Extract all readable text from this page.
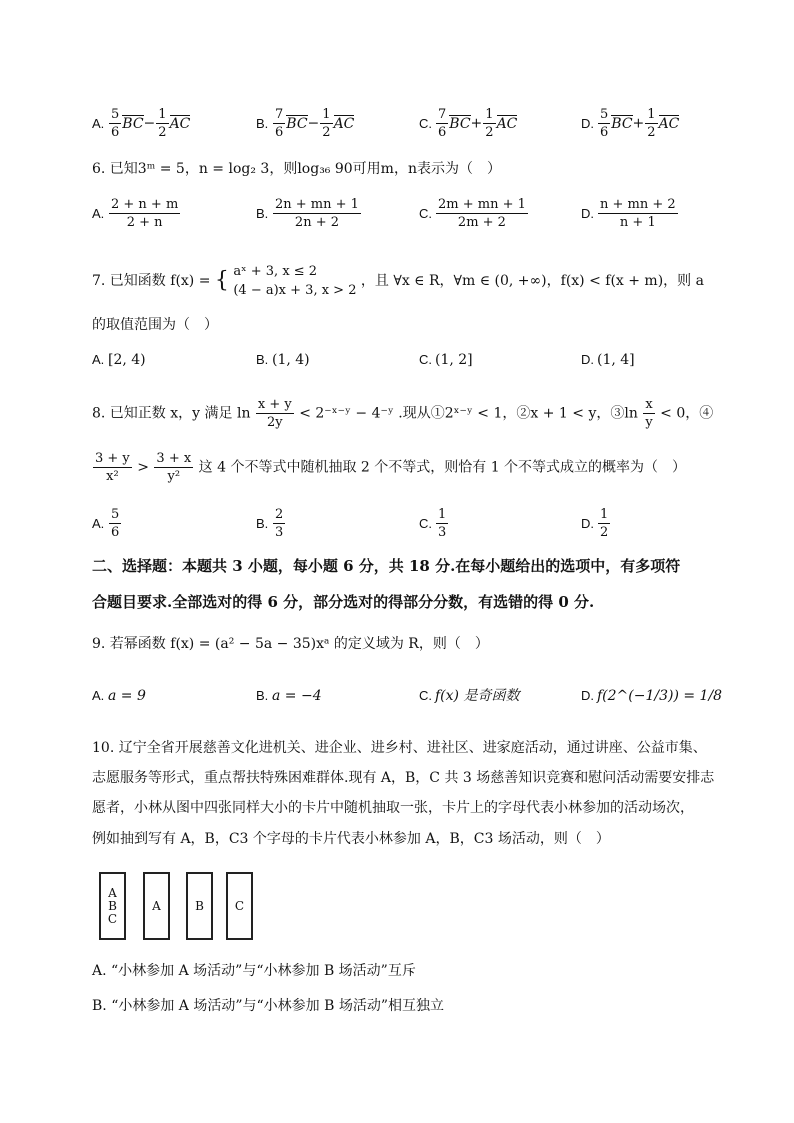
A. $\frac{5}{6} BC- \frac{1}{2}$ AC	B. $\frac{7}{6} BC- \frac{1}{2}$ AC	C. $\frac{7}{6} BC+ \frac{1}{2}$ AC	D. $\frac{5}{6} BC+ \frac{1}{2}$ AC
6. 已知3ᵐ = 5，n = log₂ 3，则log₃₆ 90可用m，n表示为（　）
A. $\frac{2 + n + m}{2 + n}$	B. $\frac{2n + mn + 1}{2n + 2}$	C. $\frac{2m + mn + 1}{2m + 2}$	D. $\frac{n + mn + 2}{n + 1}$
7. 已知函数 f(x) = { aˣ + 3, x ≤ 2
(4 − a)x + 3, x > 2
，且 ∀x ∈ R，∀m ∈ (0, +∞)，f(x) < f(x + m)，则 a
的取值范围为（　）
A. [2, 4)	B. (1, 4)	C. (1, 2]	D. (1, 4]
8. 已知正数 x，y 满足 $\ln \frac{x + y}{2y}$ < 2⁻ˣ⁻ʸ − 4⁻ʸ .现从①2ˣ⁻ʸ < 1，②x + 1 < y，③ln $\frac{x}{y} < 0$，④
$\frac{3 + y}{\text{x²}} > \frac{3 + x}{\text{y²}}$ 这 4 个不等式中随机抽取 2 个不等式，则恰有 1 个不等式成立的概率为（　）
A. $\frac{5}{6}$	B. $\frac{2}{3}$	C. $\frac{1}{3}$	D. $\frac{1}{2}$
二、选择题：本题共 3 小题，每小题 6 分，共 18 分.在每小题给出的选项中，有多项符
合题目要求.全部选对的得 6 分，部分选对的得部分分数，有选错的得 0 分.
9. 若幂函数 f(x) = (a² − 5a − 35)xᵃ 的定义域为 R，则（　）
A. a = 9	B. a = −4	C. f(x) 是奇函数	D. f(2^(−1/3)) = 1/8
10. 辽宁全省开展慈善文化进机关、进企业、进乡村、进社区、进家庭活动，通过讲座、公益市集、
志愿服务等形式，重点帮扶特殊困难群体.现有 A，B，C 共 3 场慈善知识竞赛和慰问活动需要安排志
愿者，小林从图中四张同样大小的卡片中随机抽取一张，卡片上的字母代表小林参加的活动场次，
例如抽到写有 A，B，C3 个字母的卡片代表小林参加 A，B，C3 场活动，则（　）
A
B
C
A	B	C
A. “小林参加 A 场活动”与“小林参加 B 场活动”互斥
B. “小林参加 A 场活动”与“小林参加 B 场活动”相互独立
